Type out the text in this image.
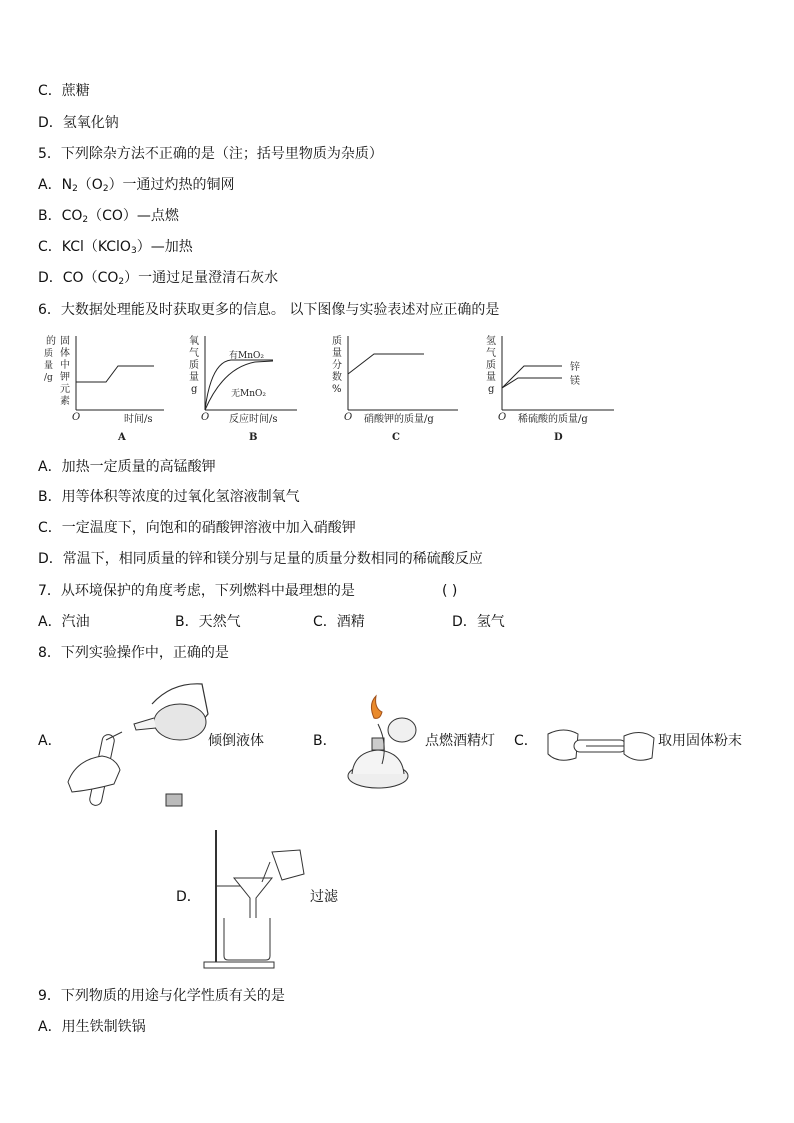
C．蔗糖
D．氢氧化钠
5．下列除杂方法不正确的是（注；括号里物质为杂质）
A．$N_2(O_2)$一通过灼热的铜网
B．$CO_2(CO)—$点燃
C．KCl（KClO$_3$）—加热
D．$CO(CO_2)$一通过足量澄清石灰水
6．大数据处理能及时获取更多的信息。 以下图像与实验表述对应正确的是
的 固
体
中
钾
元
素
质
量
/g
O	时间/s
A
氧
气
质
量
g
有MnO₂
无MnO₂
O 反应时间/s
B
质
量
分
数
%
O 硝酸钾的质量/g
C
氢
气
质
量
g
锌
镁
O 稀硫酸的质量/g
D
A．加热一定质量的高锰酸钾
B．用等体积等浓度的过氧化氢溶液制氧气
C．一定温度下，向饱和的硝酸钾溶液中加入硝酸钾
D．常温下，相同质量的锌和镁分别与足量的质量分数相同的稀硫酸反应
7．从环境保护的角度考虑，下列燃料中最理想的是	( )
A．汽油	B．天然气	C．酒精	D．氢气
8．下列实验操作中，正确的是
A．	倾倒液体	B．	点燃酒精灯 C．	取用固体粉末
D．	过滤
9．下列物质的用途与化学性质有关的是
A．用生铁制铁锅
